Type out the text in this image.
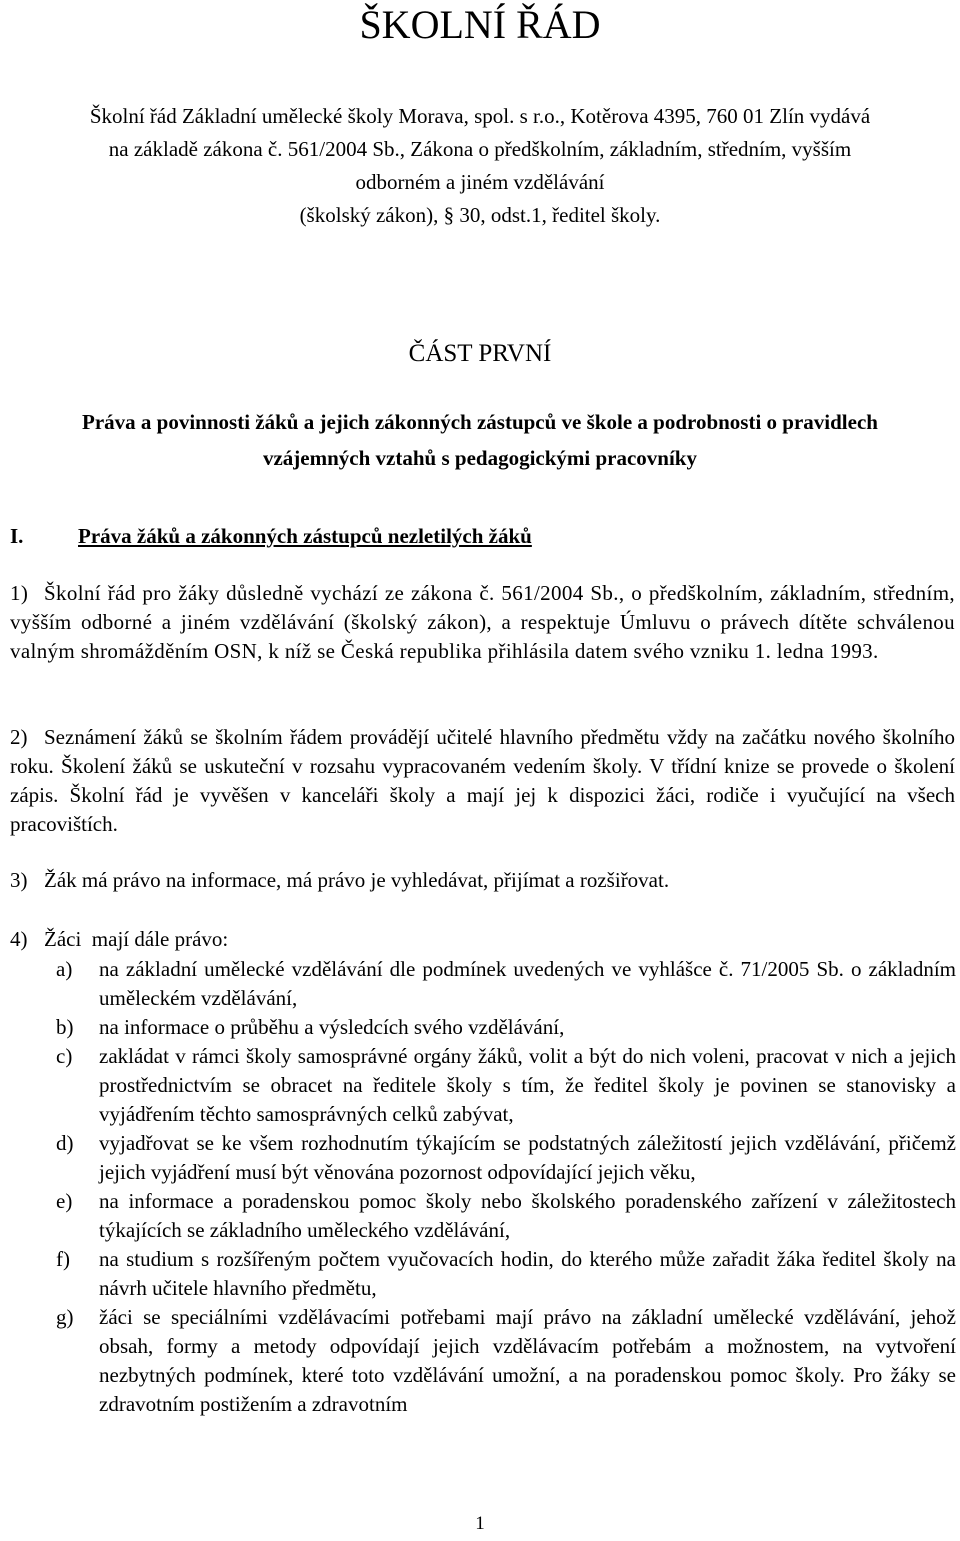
ŠKOLNÍ ŘÁD

Školní řád Základní umělecké školy Morava, spol. s r.o., Kotěrova 4395, 760 01 Zlín vydává

na základě zákona č. 561/2004 Sb., Zákona o předškolním, základním, středním, vyšším

odborném a jiném vzdělávání

(školský zákon), § 30, odst.1, ředitel školy.

ČÁST PRVNÍ
Práva a povinnosti žáků a jejich zákonných zástupců ve škole a podrobnosti o pravidlech vzájemných vztahů s pedagogickými pracovníky
I.	Práva žáků a zákonných zástupců nezletilých žáků
1) Školní řád pro žáky důsledně vychází ze zákona č. 561/2004 Sb., o předškolním, základním, středním, vyšším odborné a jiném vzdělávání (školský zákon), a respektuje Úmluvu o právech dítěte schválenou valným shromážděním OSN, k níž se Česká republika přihlásila datem svého vzniku 1. ledna 1993.
2) Seznámení žáků se školním řádem provádějí učitelé hlavního předmětu vždy na začátku nového školního roku. Školení žáků se uskuteční v rozsahu vypracovaném vedením školy. V třídní knize se provede o školení zápis. Školní řád je vyvěšen v kanceláři školy a mají jej k dispozici žáci, rodiče i vyučující na všech pracovištích.
3) Žák má právo na informace, má právo je vyhledávat, přijímat a rozšiřovat.
4) Žáci  mají dále právo:
a)	na základní umělecké vzdělávání dle podmínek uvedených ve vyhlášce č. 71/2005 Sb. o základním uměleckém vzdělávání,
b)	na informace o průběhu a výsledcích svého vzdělávání,
c)	zakládat v rámci školy samosprávné orgány žáků, volit a být do nich voleni, pracovat v nich a jejich prostřednictvím se obracet na ředitele školy s tím, že ředitel školy je povinen se stanovisky a vyjádřením těchto samosprávných celků zabývat,
d)	vyjadřovat se ke všem rozhodnutím týkajícím se podstatných záležitostí jejich vzdělávání, přičemž jejich vyjádření musí být věnována pozornost odpovídající jejich věku,
e)	na informace a poradenskou pomoc školy nebo školského poradenského zařízení v záležitostech týkajících se základního uměleckého vzdělávání,
f)	na studium s rozšířeným počtem vyučovacích hodin, do kterého může zařadit žáka ředitel školy na návrh učitele hlavního předmětu,
g)	žáci se speciálními vzdělávacími potřebami mají právo na základní umělecké vzdělávání, jehož obsah, formy a metody odpovídají jejich vzdělávacím potřebám a možnostem, na vytvoření nezbytných podmínek, které toto vzdělávání umožní, a na poradenskou pomoc školy. Pro žáky se zdravotním postižením a zdravotním
1
